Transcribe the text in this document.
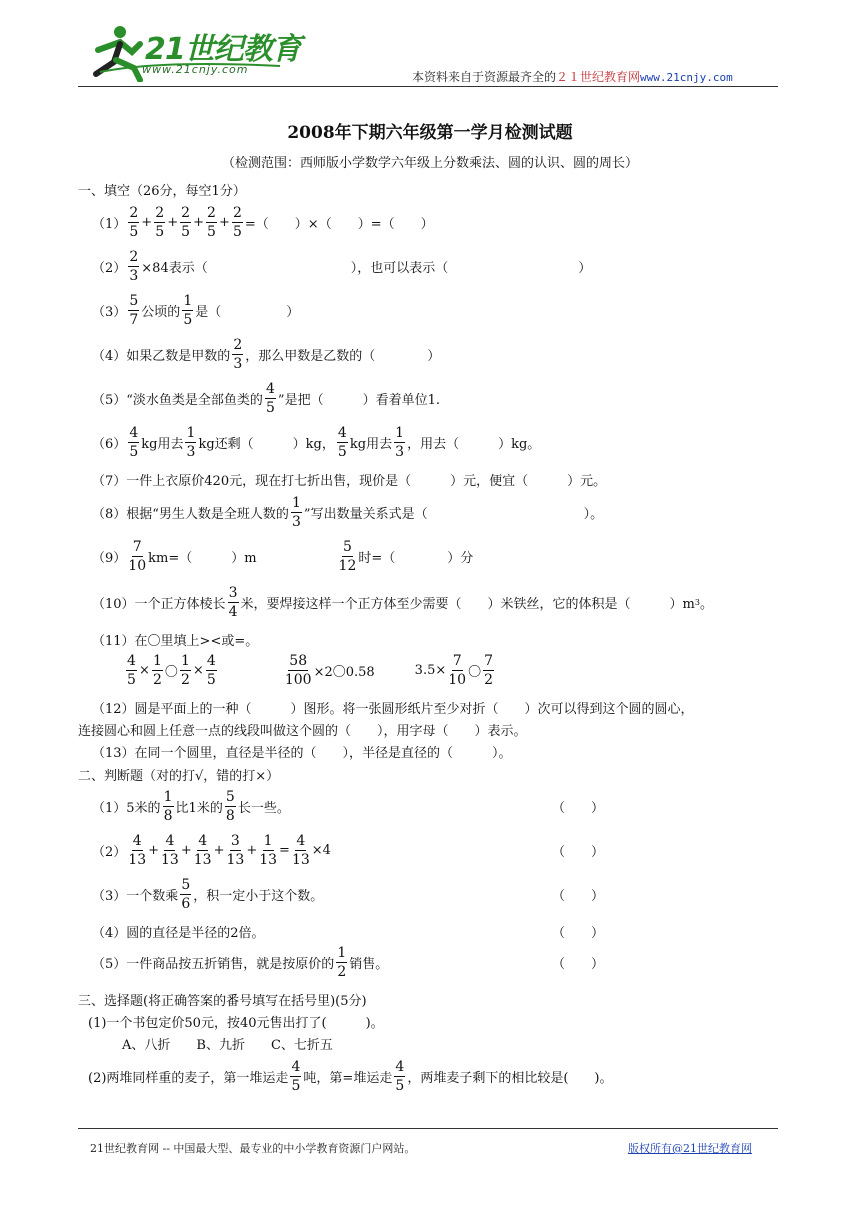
21世纪教育
www.21cnjy.com
本资料来自于资源最齐全的２１世纪教育网www.21cnjy.com
2008年下期六年级第一学月检测试题
（检测范围：西师版小学数学六年级上分数乘法、圆的认识、圆的周长）
一、填空（26分，每空1分）
$(1) \frac{2}{5} + \frac{2}{5} + \frac{2}{5} + \frac{2}{5} + \frac{2}{5}$ =（　　）×（　　）=（　　）
$(2) \frac{2}{3} \times 84$表示（　　　　　　　　　　　），也可以表示（　　　　　　　　　　）
$(3) \frac{5}{7}$ 公顷的 $\frac{1}{5}$ 是（　　　　　）
（4）如果乙数是甲数的 $\frac{2}{3}$ ，那么甲数是乙数的（　　　　）
（5）“淡水鱼类是全部鱼类的 $\frac{4}{5}$ ”是把（　　　）看着单位1.
$(6) \frac{4}{5}$ kg用去 $\frac{1}{3}$ kg还剩（　　　）kg， $\frac{4}{5}$ kg用去 $\frac{1}{3}$ ，用去（　　　）kg。
（7）一件上衣原价420元，现在打七折出售，现价是（　　　）元，便宜（　　　）元。
（8）根据“男生人数是全班人数的 $\frac{1}{3}$ ”写出数量关系式是（　　　　　　　　　　　　）。
$(9) \frac{7}{10} km=$（　　　）m	$\frac{5}{12}$ 时=（　　　　）分
（10）一个正方体棱长 $\frac{3}{4}$ 米，要焊接这样一个正方体至少需要（　　）米铁丝，它的体积是（　　　）m 3 。
（11）在〇里填上> <或=。
$\frac{4}{5} \times \frac{1}{2}$ 〇 $\frac{1}{2} \times \frac{4}{5}$	$\frac{58}{100} \times 2$〇0.58	$3.5\times \frac{7}{10}$ 〇 $\frac{7}{2}$
（12）圆是平面上的一种（　　　）图形。将一张圆形纸片至少对折（　　）次可以得到这个圆的圆心，
连接圆心和圆上任意一点的线段叫做这个圆的（　　），用字母（　　）表示。
（13）在同一个圆里，直径是半径的（　　），半径是直径的（　　　）。
二、判断题（对的打√，错的打×）
（1）5米的 $\frac{1}{8}$ 比1米的 $\frac{5}{8}$ 长一些。	（　　）
$(2) \frac{4}{13} + \frac{4}{13} + \frac{4}{13} + \frac{3}{13} + \frac{1}{13} = \frac{4}{13} \times 4$	（　　）
（3）一个数乘 $\frac{5}{6}$ ，积一定小于这个数。	（　　）
（4）圆的直径是半径的2倍。	（　　）
（5）一件商品按五折销售，就是按原价的 $\frac{1}{2}$ 销售。	（　　）
三、选择题(将正确答案的番号填写在括号里)(5分)
(1)一个书包定价50元，按40元售出打了(　　　)。
A、八折　　B、九折　　C、七折五
(2)两堆同样重的麦子，第一堆运走 $\frac{4}{5}$ 吨，第=堆运走 $\frac{4}{5}$ ，两堆麦子剩下的相比较是(　　)。
21世纪教育网 -- 中国最大型、最专业的中小学教育资源门户网站。	版权所有@21世纪教育网
